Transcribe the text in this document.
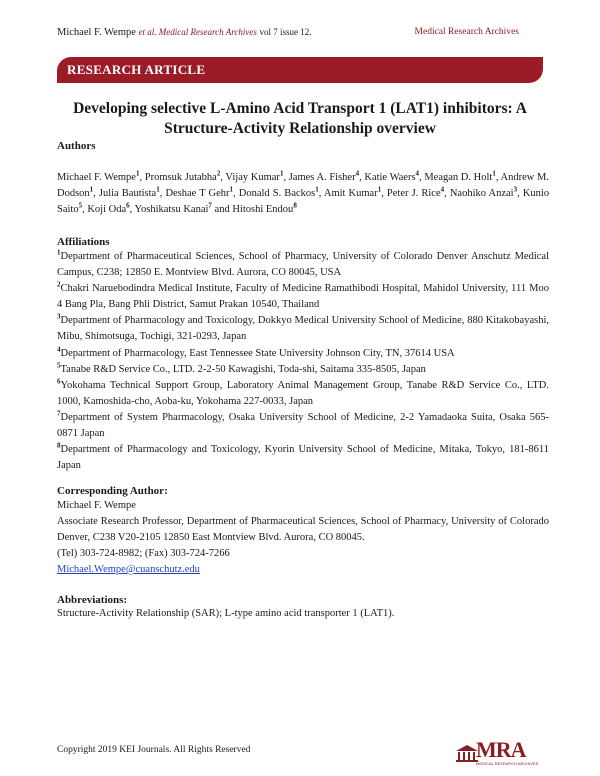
Michael F. Wempe et al. Medical Research Archives vol 7 issue 12.	Medical Research Archives
RESEARCH ARTICLE
Developing selective L-Amino Acid Transport 1 (LAT1) inhibitors: A
Structure-Activity Relationship overview
Authors
Michael F. Wempe$^1$, Promsuk Jutabha$^2$, Vijay Kumar$^1$, James A. Fisher$^4$, Katie Waers$^4$, Meagan D. Holt$^1$, Andrew M. Dodson$^1$, Julia Bautista$^1$, Deshae T Gehr$^1$, Donald S. Backos$^1$, Amit Kumar$^1$, Peter J. Rice$^4$, Naohiko Anzai$^3$, Kunio Saito$^5$, Koji Oda$^6$, Yoshikatsu Kanai$^7$ and Hitoshi Endou$^8$
Affiliations
$^1$Department of Pharmaceutical Sciences, School of Pharmacy, University of Colorado Denver Anschutz Medical Campus, C238; 12850 E. Montview Blvd. Aurora, CO 80045, USA
$^2$Chakri Naruebodindra Medical Institute, Faculty of Medicine Ramathibodi Hospital, Mahidol University, 111 Moo 4 Bang Pla, Bang Phli District, Samut Prakan 10540, Thailand
$^3$Department of Pharmacology and Toxicology, Dokkyo Medical University School of Medicine, 880 Kitakobayashi, Mibu, Shimotsuga, Tochigi, 321-0293, Japan
$^4$Department of Pharmacology, East Tennessee State University Johnson City, TN, 37614 USA
$^5$Tanabe R&D Service Co., LTD. 2-2-50 Kawagishi, Toda-shi, Saitama 335-8505, Japan
$^6$Yokohama Technical Support Group, Laboratory Animal Management Group, Tanabe R&D Service Co., LTD. 1000, Kamoshida-cho, Aoba-ku, Yokohama 227-0033, Japan
$^7$Department of System Pharmacology, Osaka University School of Medicine, 2-2 Yamadaoka Suita, Osaka 565-0871 Japan
$^8$Department of Pharmacology and Toxicology, Kyorin University School of Medicine, Mitaka, Tokyo, 181-8611 Japan
Corresponding Author:
Michael F. Wempe
Associate Research Professor, Department of Pharmaceutical Sciences, School of Pharmacy, University of Colorado Denver, C238 V20-2105 12850 East Montview Blvd. Aurora, CO 80045.
(Tel) 303-724-8982; (Fax) 303-724-7266
Michael.Wempe@cuanschutz.edu
Abbreviations:
Structure-Activity Relationship (SAR); L-type amino acid transporter 1 (LAT1).
Copyright 2019 KEI Journals. All Rights Reserved	MRA
MEDICAL RESEARCH ARCHIVES
